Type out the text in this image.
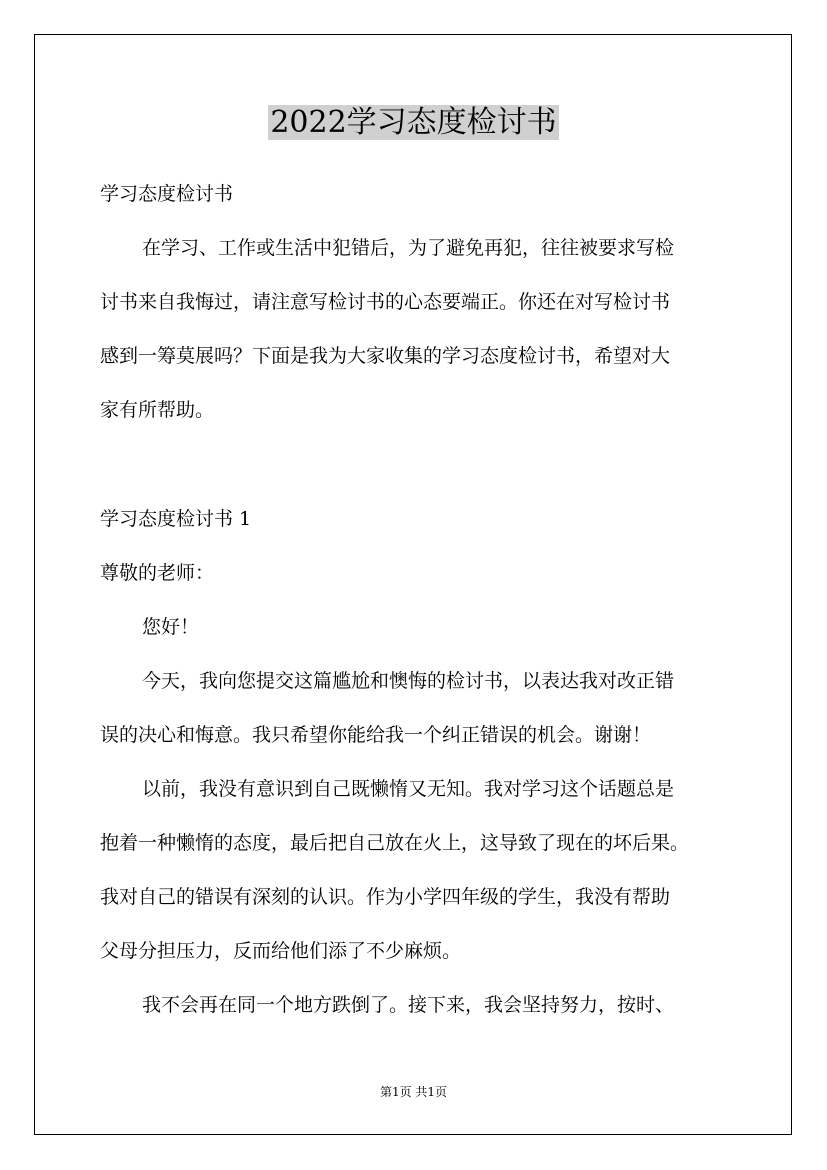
2022学习态度检讨书
学习态度检讨书
在学习、工作或生活中犯错后，为了避免再犯，往往被要求写检
讨书来自我悔过，请注意写检讨书的心态要端正。你还在对写检讨书
感到一筹莫展吗？下面是我为大家收集的学习态度检讨书，希望对大
家有所帮助。
学习态度检讨书 1
尊敬的老师：
您好！
今天，我向您提交这篇尴尬和懊悔的检讨书，以表达我对改正错
误的决心和悔意。我只希望你能给我一个纠正错误的机会。谢谢！
以前，我没有意识到自己既懒惰又无知。我对学习这个话题总是
抱着一种懒惰的态度，最后把自己放在火上，这导致了现在的坏后果。
我对自己的错误有深刻的认识。作为小学四年级的学生，我没有帮助
父母分担压力，反而给他们添了不少麻烦。
我不会再在同一个地方跌倒了。接下来，我会坚持努力，按时、
第1页 共1页
